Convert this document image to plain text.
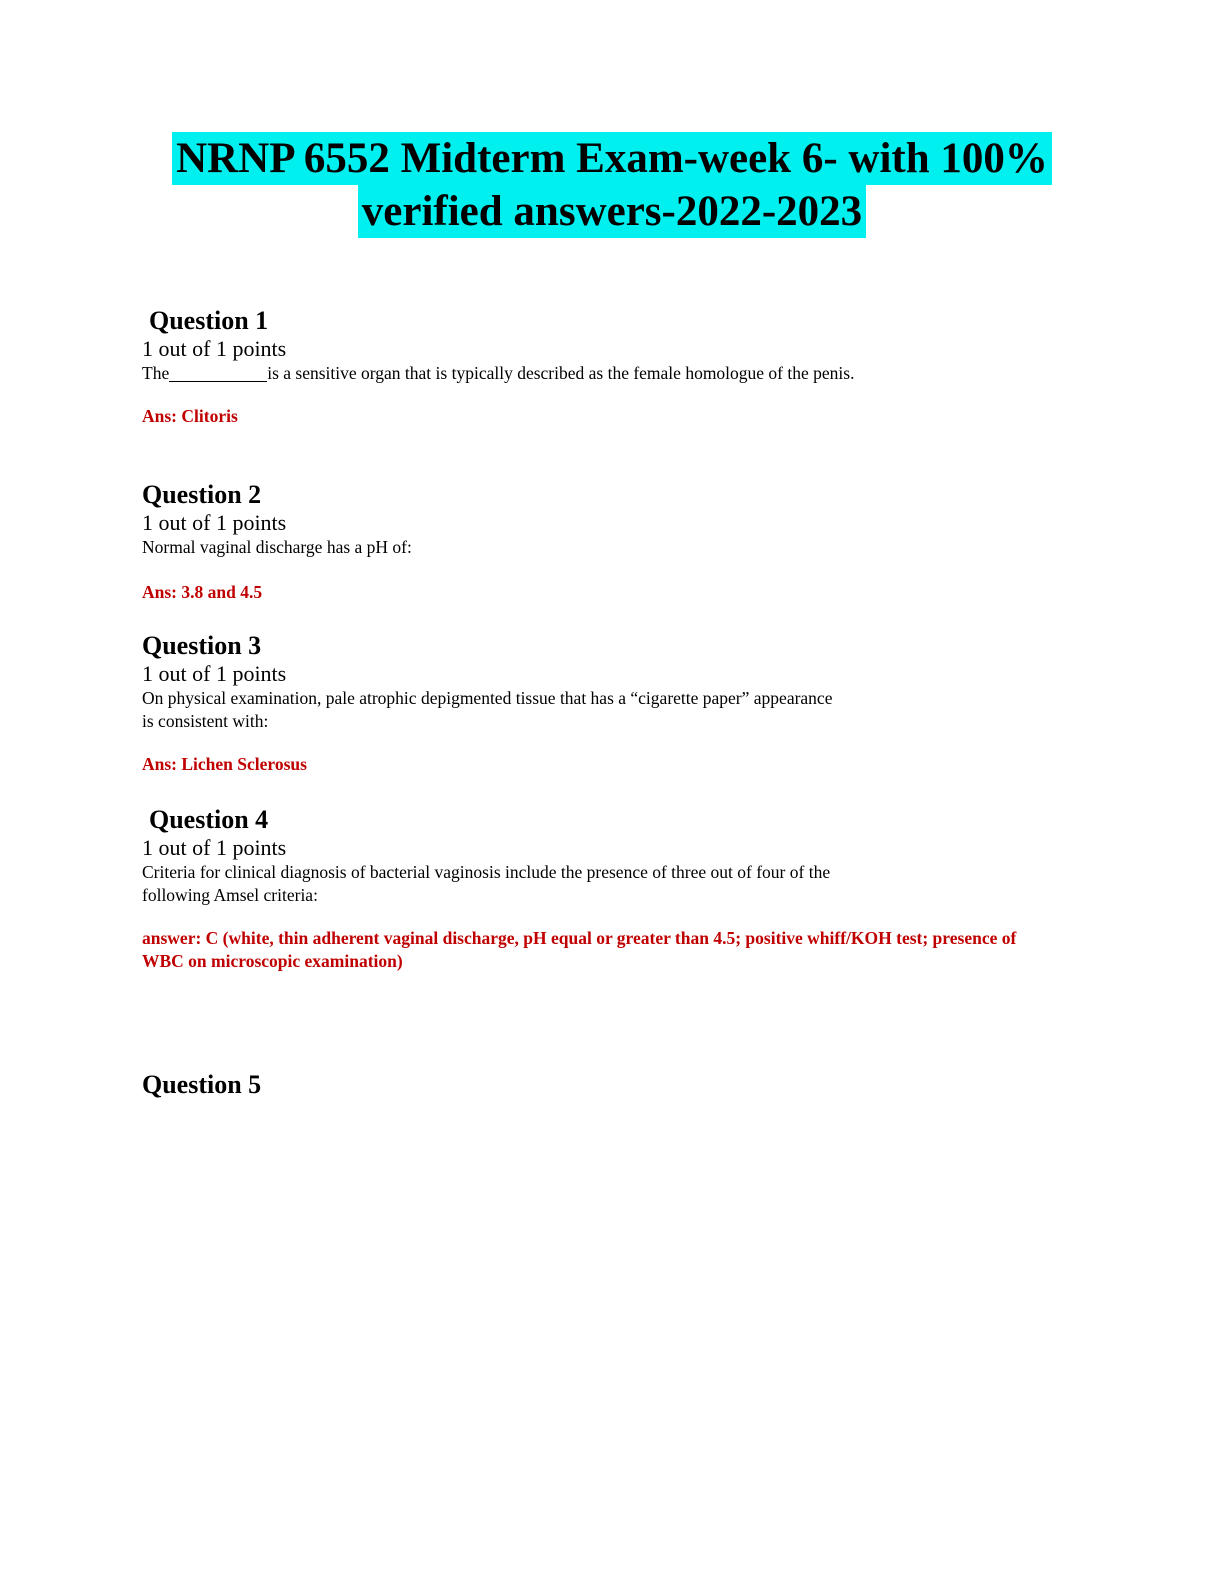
NRNP 6552 Midterm Exam-week 6- with 100%
verified answers-2022-2023

Question 1

1 out of 1 points

The	is a sensitive organ that is typically described as the female homologue of the penis.

Ans: Clitoris

Question 2

1 out of 1 points

Normal vaginal discharge has a pH of:

Ans: 3.8 and 4.5

Question 3

1 out of 1 points

On physical examination, pale atrophic depigmented tissue that has a “cigarette paper” appearance is consistent with:

Ans: Lichen Sclerosus

Question 4

1 out of 1 points

Criteria for clinical diagnosis of bacterial vaginosis include the presence of three out of four of the following Amsel criteria:

answer: C (white, thin adherent vaginal discharge, pH equal or greater than 4.5; positive whiff/KOH test; presence of WBC on microscopic examination)

Question 5
